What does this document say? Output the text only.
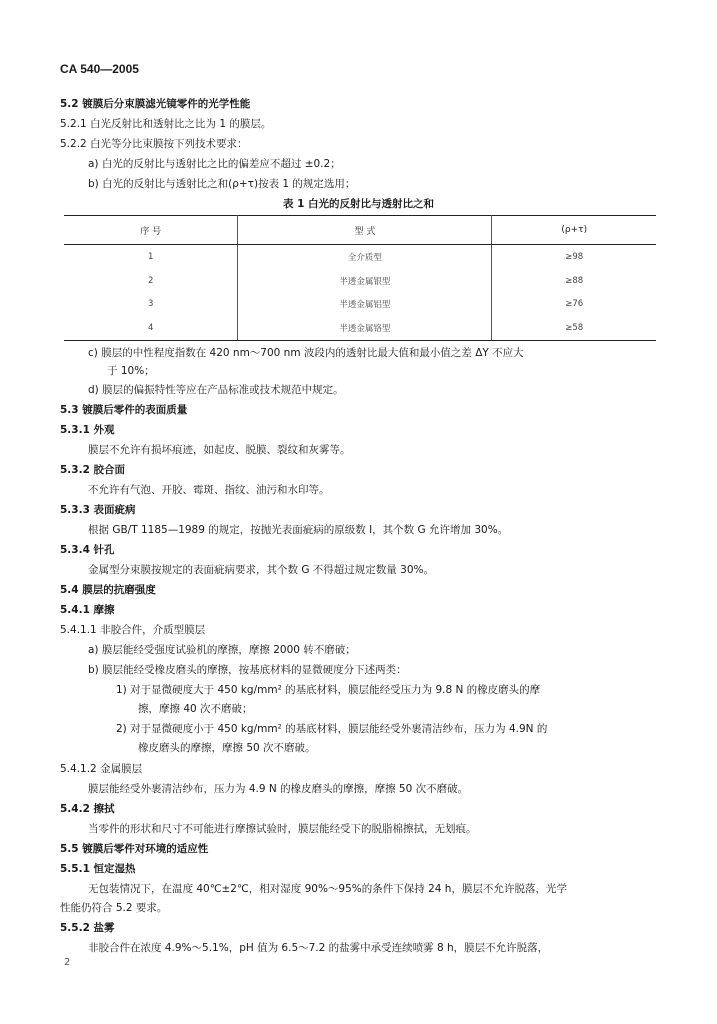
CA 540—2005
5.2 镀膜后分束膜滤光镜零件的光学性能
5.2.1 白光反射比和透射比之比为 1 的膜层。
5.2.2 白光等分比束膜按下列技术要求：
a) 白光的反射比与透射比之比的偏差应不超过 ±0.2；
b) 白光的反射比与透射比之和(ρ+τ)按表 1 的规定选用；
表 1 白光的反射比与透射比之和
序 号	型 式	(ρ+τ)
1	全介质型	≥98
2	半透金属银型	≥88
3	半透金属铝型	≥76
4	半透金属铬型	≥58
c) 膜层的中性程度指数在 420 nm～700 nm 波段内的透射比最大值和最小值之差 ΔY 不应大
于 10%；
d) 膜层的偏振特性等应在产品标准或技术规范中规定。
5.3 镀膜后零件的表面质量
5.3.1 外观
膜层不允许有损坏痕迹，如起皮、脱膜、裂纹和灰雾等。
5.3.2 胶合面
不允许有气泡、开胶、霉斑、指纹、油污和水印等。
5.3.3 表面疵病
根据 GB/T 1185—1989 的规定，按抛光表面疵病的原级数 Ⅰ，其个数 G 允许增加 30%。
5.3.4 针孔
金属型分束膜按规定的表面疵病要求，其个数 G 不得超过规定数量 30%。
5.4 膜层的抗磨强度
5.4.1 摩擦
5.4.1.1 非胶合件，介质型膜层
a) 膜层能经受强度试验机的摩擦，摩擦 2000 转不磨破；
b) 膜层能经受橡皮磨头的摩擦，按基底材料的显微硬度分下述两类：
1) 对于显微硬度大于 450 kg/mm² 的基底材料，膜层能经受压力为 9.8 N 的橡皮磨头的摩
擦，摩擦 40 次不磨破；
2) 对于显微硬度小于 450 kg/mm² 的基底材料，膜层能经受外裹清洁纱布，压力为 4.9N 的
橡皮磨头的摩擦，摩擦 50 次不磨破。
5.4.1.2 金属膜层
膜层能经受外裹清洁纱布，压力为 4.9 N 的橡皮磨头的摩擦，摩擦 50 次不磨破。
5.4.2 擦拭
当零件的形状和尺寸不可能进行摩擦试验时，膜层能经受下的脱脂棉擦拭，无划痕。
5.5 镀膜后零件对环境的适应性
5.5.1 恒定湿热
无包装情况下，在温度 40℃±2℃，相对湿度 90%～95%的条件下保持 24 h，膜层不允许脱落，光学
性能仍符合 5.2 要求。
5.5.2 盐雾
非胶合件在浓度 4.9%～5.1%，pH 值为 6.5～7.2 的盐雾中承受连续喷雾 8 h，膜层不允许脱落，
2
